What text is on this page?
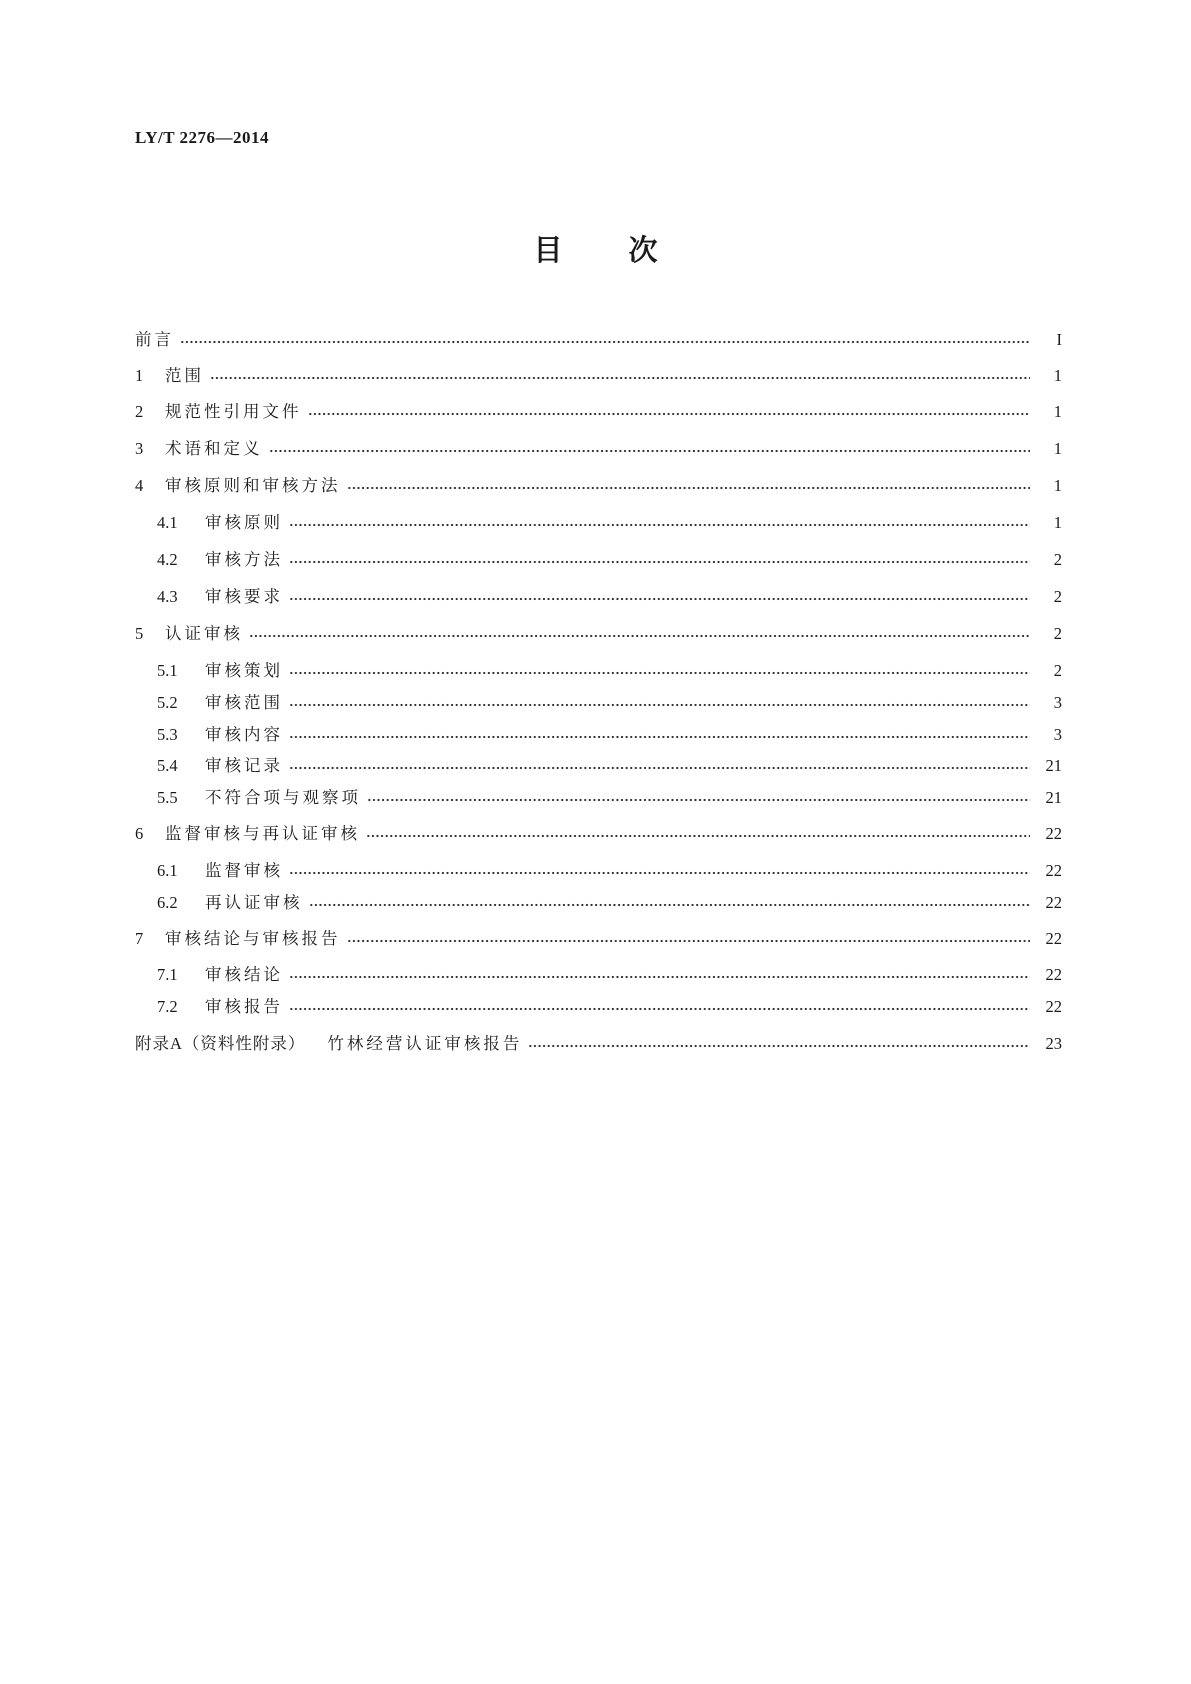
LY/T 2276—2014
目 次
前言	I
1	范围	1
2	规范性引用文件	1
3	术语和定义	1
4	审核原则和审核方法	1
4.1	审核原则	1
4.2	审核方法	2
4.3	审核要求	2
5	认证审核	2
5.1	审核策划	2
5.2	审核范围	3
5.3	审核内容	3
5.4	审核记录	21
5.5	不符合项与观察项	21
6	监督审核与再认证审核	22
6.1	监督审核	22
6.2	再认证审核	22
7	审核结论与审核报告	22
7.1	审核结论	22
7.2	审核报告	22
附录A（资料性附录） 竹林经营认证审核报告	23
